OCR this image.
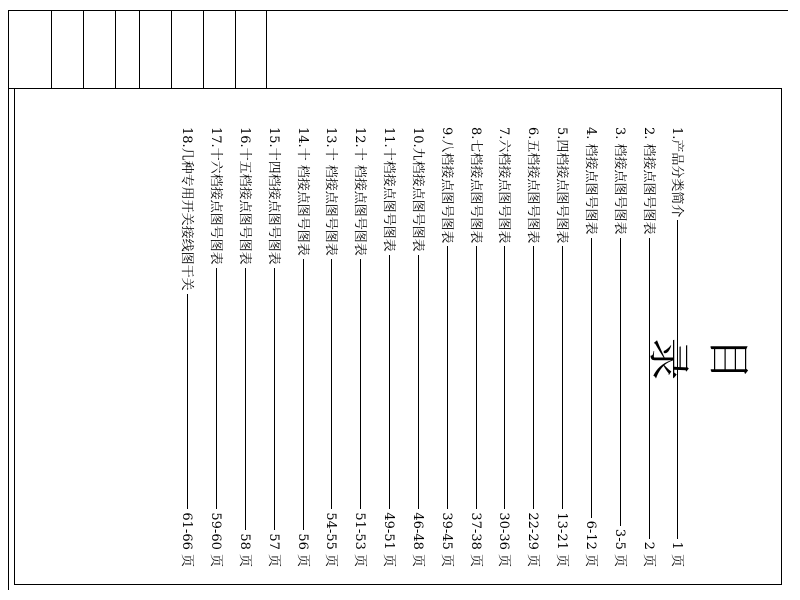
目 录
1.产品分类简介
1 页
2. 档接点图号图表
2 页
3. 档接点图号图表
3-5 页
4. 档接点图号图表
6-12 页
5.四档接点图号图表
13-21 页
6.五档接点图号图表
22-29 页
7.六档接点图号图表
30-36 页
8.七档接点图号图表
37-38 页
9.八档接点图号图表
39-45 页
10.九档接点图号图表
46-48 页
11.十档接点图号图表
49-51 页
12.十 档接点图号图表
51-53 页
13.十 档接点图号图表
54-55 页
14.十 档接点图号图表
56 页
15.十四档接点图号图表
57 页
16.十五档接点图号图表
58 页
17.十六档接点图号图表
59-60 页
18.几种专用开关接线图干关
61-66 页
